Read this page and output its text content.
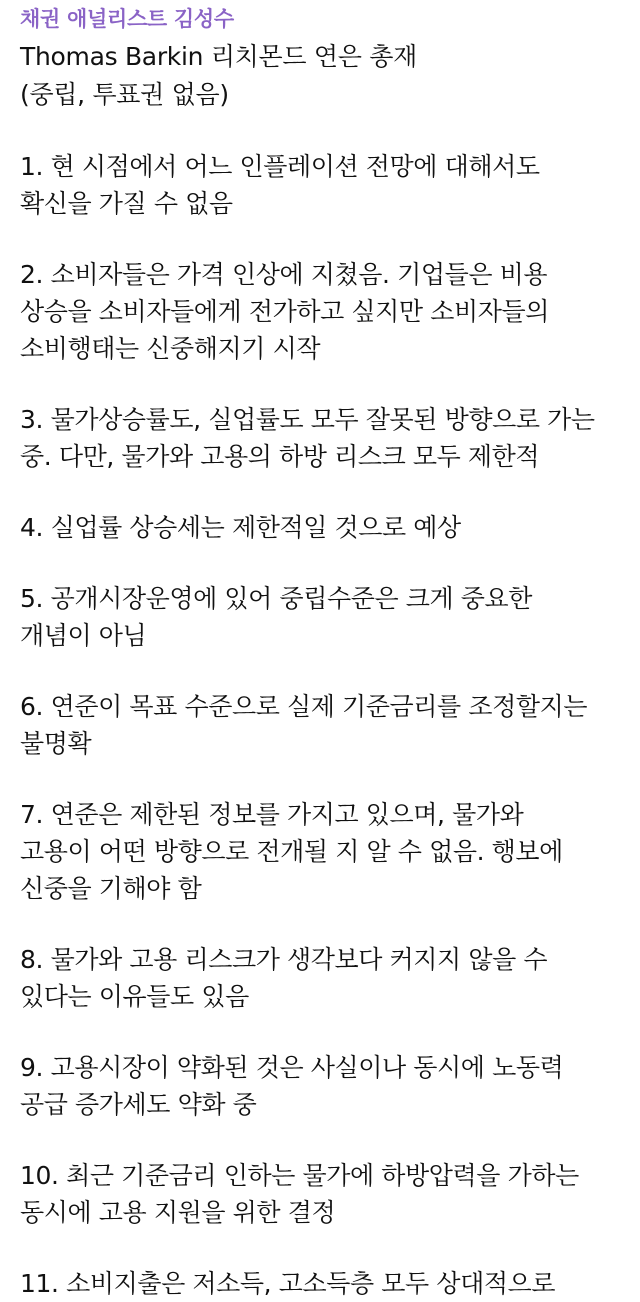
채권 애널리스트 김성수
Thomas Barkin 리치몬드 연은 총재
(중립, 투표권 없음)
1. 현 시점에서 어느 인플레이션 전망에 대해서도
확신을 가질 수 없음
2. 소비자들은 가격 인상에 지쳤음. 기업들은 비용
상승을 소비자들에게 전가하고 싶지만 소비자들의
소비행태는 신중해지기 시작
3. 물가상승률도, 실업률도 모두 잘못된 방향으로 가는
중. 다만, 물가와 고용의 하방 리스크 모두 제한적
4. 실업률 상승세는 제한적일 것으로 예상
5. 공개시장운영에 있어 중립수준은 크게 중요한
개념이 아님
6. 연준이 목표 수준으로 실제 기준금리를 조정할지는
불명확
7. 연준은 제한된 정보를 가지고 있으며, 물가와
고용이 어떤 방향으로 전개될 지 알 수 없음. 행보에
신중을 기해야 함
8. 물가와 고용 리스크가 생각보다 커지지 않을 수
있다는 이유들도 있음
9. 고용시장이 약화된 것은 사실이나 동시에 노동력
공급 증가세도 약화 중
10. 최근 기준금리 인하는 물가에 하방압력을 가하는
동시에 고용 지원을 위한 결정
11. 소비지출은 저소득, 고소득층 모두 상대적으로
